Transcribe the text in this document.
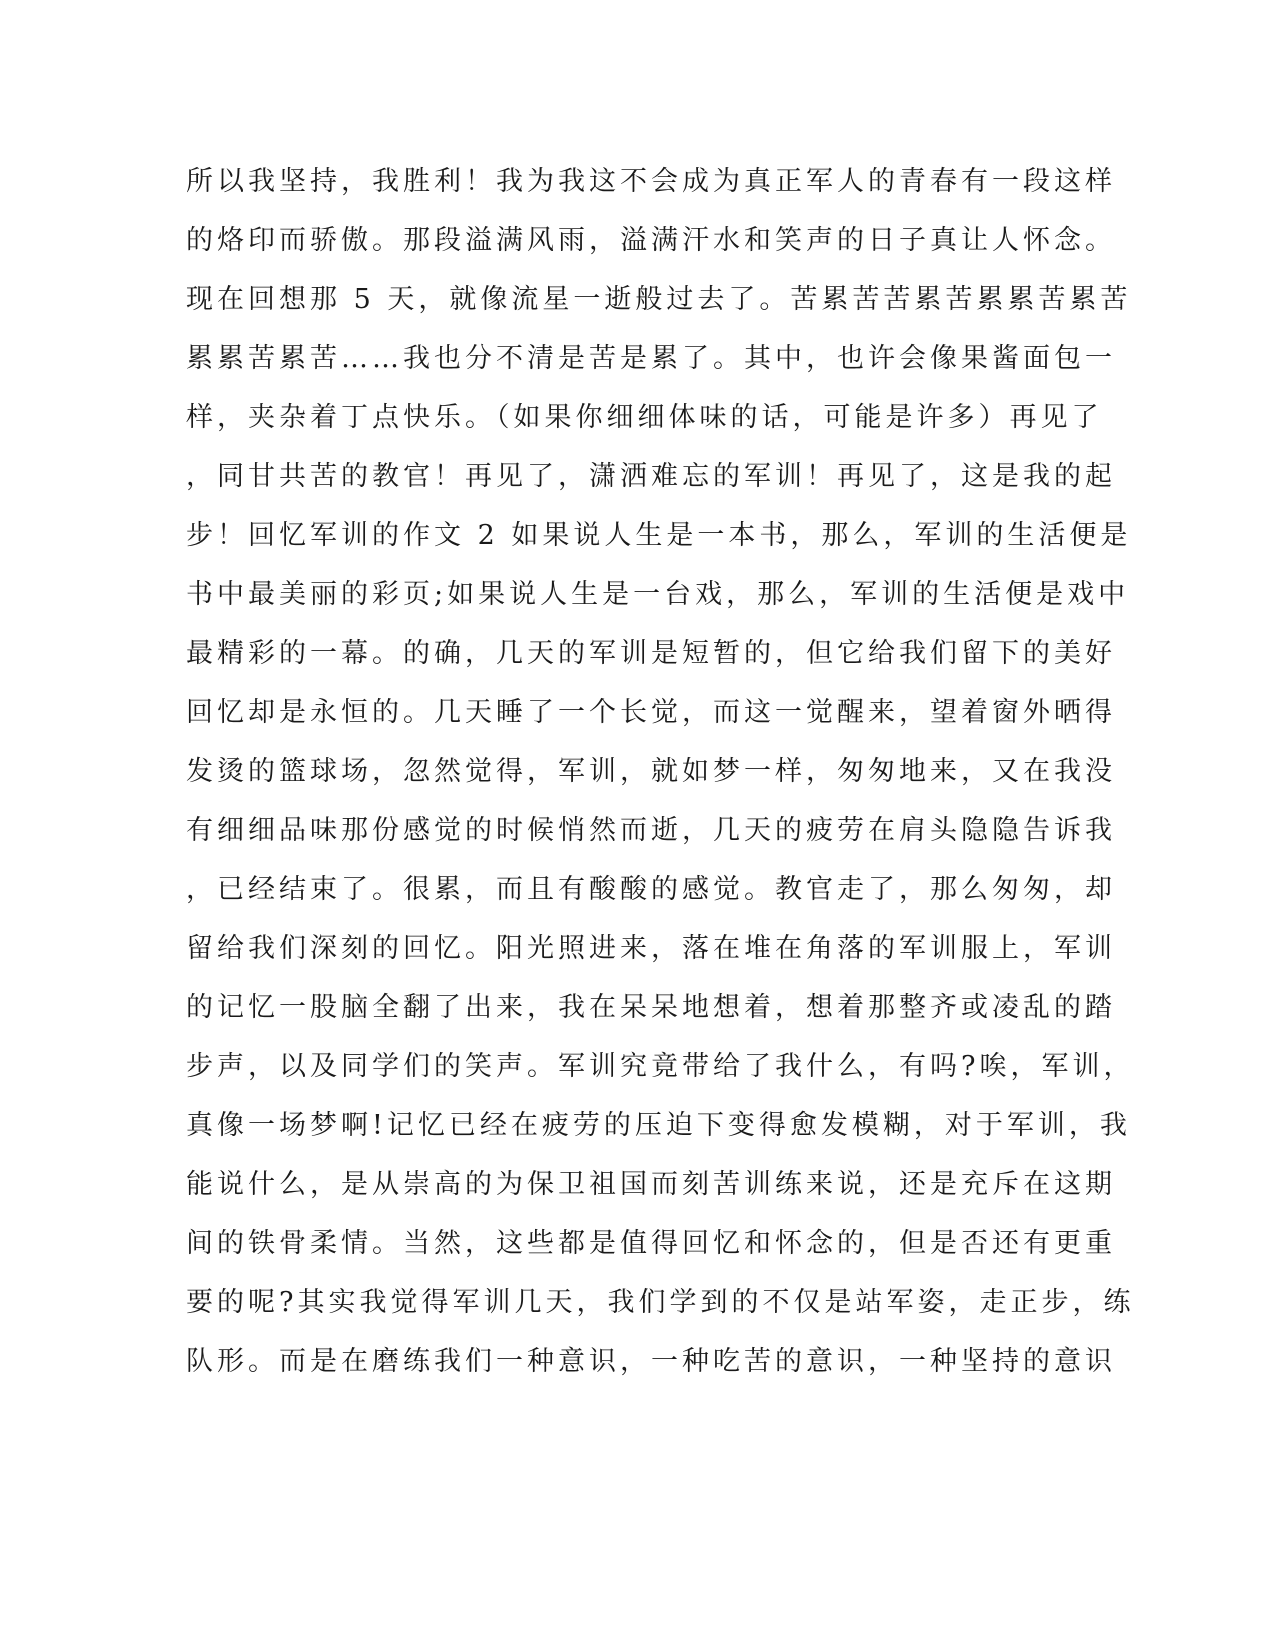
所以我坚持，我胜利！我为我这不会成为真正军人的青春有一段这样
的烙印而骄傲。那段溢满风雨，溢满汗水和笑声的日子真让人怀念。
现在回想那 5 天，就像流星一逝般过去了。苦累苦苦累苦累累苦累苦
累累苦累苦……我也分不清是苦是累了。其中，也许会像果酱面包一
样，夹杂着丁点快乐。（如果你细细体味的话，可能是许多）再见了
，同甘共苦的教官！再见了，潇洒难忘的军训！再见了，这是我的起
步！回忆军训的作文 2 如果说人生是一本书，那么，军训的生活便是
书中最美丽的彩页;如果说人生是一台戏，那么，军训的生活便是戏中
最精彩的一幕。的确，几天的军训是短暂的，但它给我们留下的美好
回忆却是永恒的。几天睡了一个长觉，而这一觉醒来，望着窗外晒得
发烫的篮球场，忽然觉得，军训，就如梦一样，匆匆地来，又在我没
有细细品味那份感觉的时候悄然而逝，几天的疲劳在肩头隐隐告诉我
，已经结束了。很累，而且有酸酸的感觉。教官走了，那么匆匆，却
留给我们深刻的回忆。阳光照进来，落在堆在角落的军训服上，军训
的记忆一股脑全翻了出来，我在呆呆地想着，想着那整齐或凌乱的踏
步声，以及同学们的笑声。军训究竟带给了我什么，有吗?唉，军训，
真像一场梦啊!记忆已经在疲劳的压迫下变得愈发模糊，对于军训，我
能说什么，是从崇高的为保卫祖国而刻苦训练来说，还是充斥在这期
间的铁骨柔情。当然，这些都是值得回忆和怀念的，但是否还有更重
要的呢?其实我觉得军训几天，我们学到的不仅是站军姿，走正步，练
队形。而是在磨练我们一种意识，一种吃苦的意识，一种坚持的意识
